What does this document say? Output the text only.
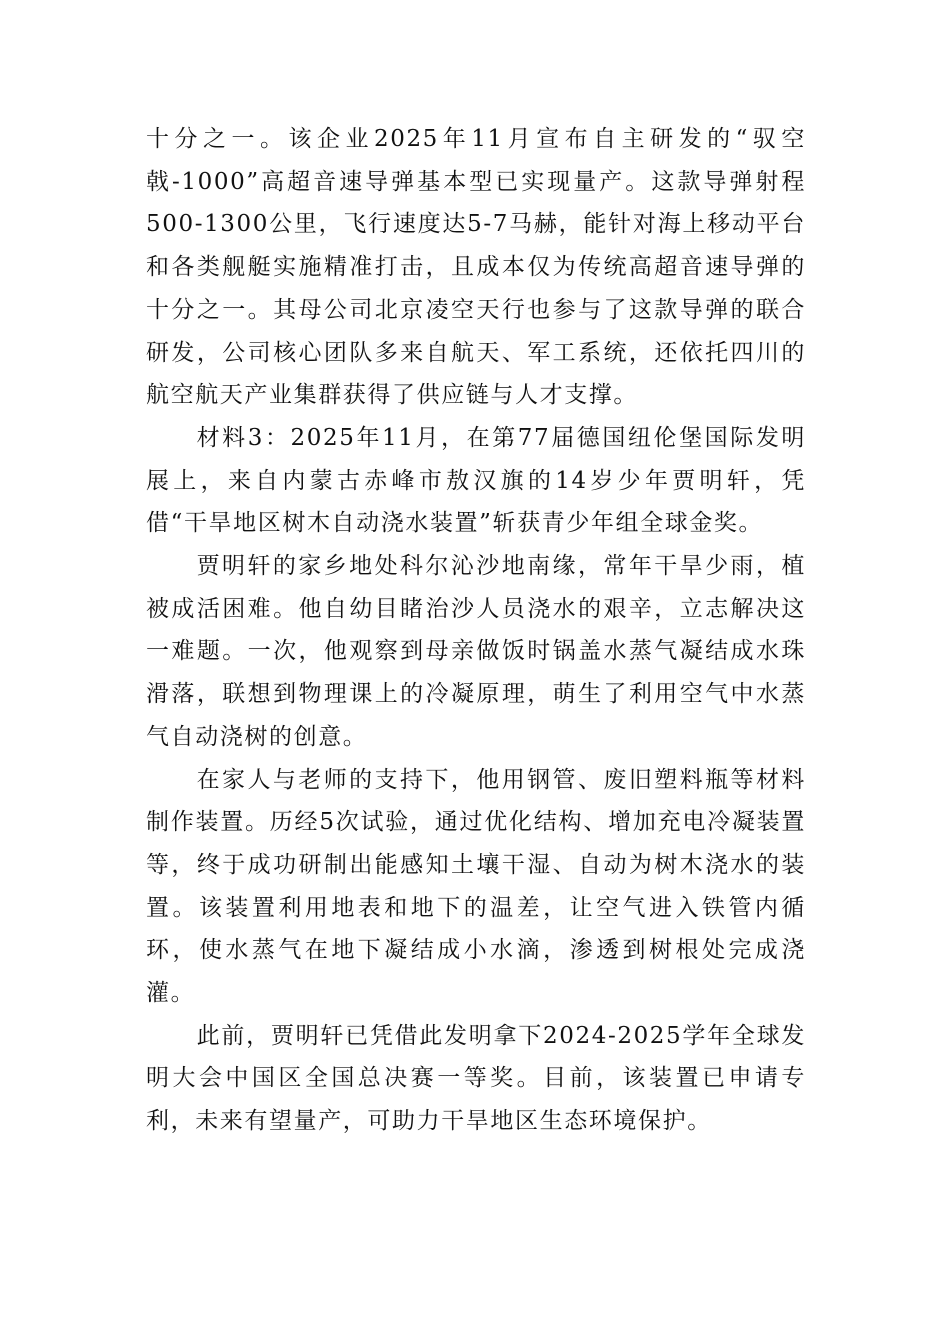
十分之一。该企业2025年11月宣布自主研发的“驭空戟-1000”高超音速导弹基本型已实现量产。这款导弹射程500-1300公里，飞行速度达5-7马赫，能针对海上移动平台和各类舰艇实施精准打击，且成本仅为传统高超音速导弹的十分之一。其母公司北京凌空天行也参与了这款导弹的联合研发，公司核心团队多来自航天、军工系统，还依托四川的航空航天产业集群获得了供应链与人才支撑。

材料3：2025年11月，在第77届德国纽伦堡国际发明展上，来自内蒙古赤峰市敖汉旗的14岁少年贾明轩，凭借“干旱地区树木自动浇水装置”斩获青少年组全球金奖。

贾明轩的家乡地处科尔沁沙地南缘，常年干旱少雨，植被成活困难。他自幼目睹治沙人员浇水的艰辛，立志解决这一难题。一次，他观察到母亲做饭时锅盖水蒸气凝结成水珠滑落，联想到物理课上的冷凝原理，萌生了利用空气中水蒸气自动浇树的创意。

在家人与老师的支持下，他用钢管、废旧塑料瓶等材料制作装置。历经5次试验，通过优化结构、增加充电冷凝装置等，终于成功研制出能感知土壤干湿、自动为树木浇水的装置。该装置利用地表和地下的温差，让空气进入铁管内循环，使水蒸气在地下凝结成小水滴，渗透到树根处完成浇灌。

此前，贾明轩已凭借此发明拿下2024-2025学年全球发明大会中国区全国总决赛一等奖。目前，该装置已申请专利，未来有望量产，可助力干旱地区生态环境保护。
